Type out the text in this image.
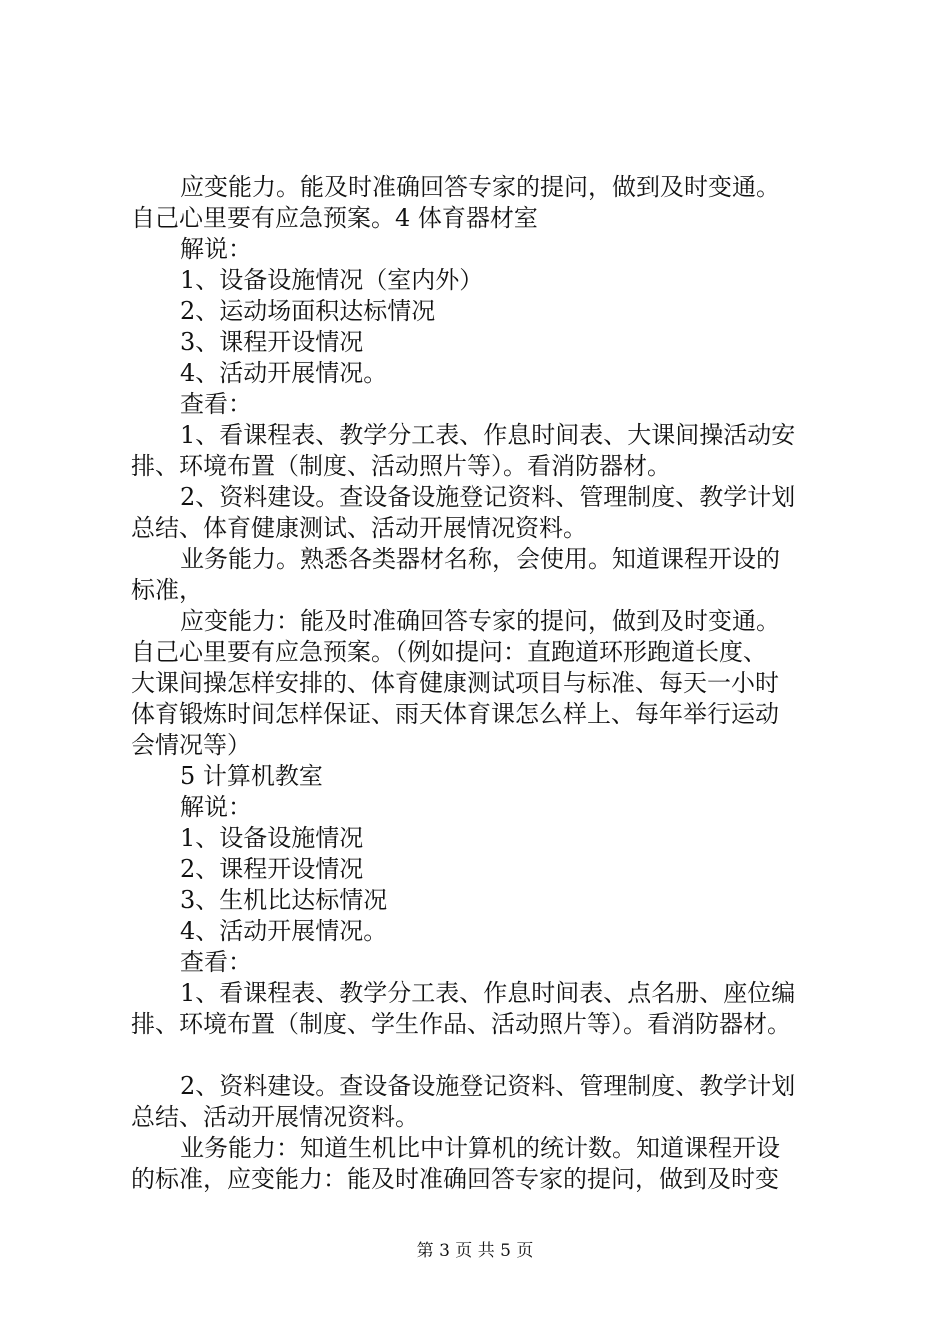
应变能力。能及时准确回答专家的提问，做到及时变通。
自己心里要有应急预案。4 体育器材室
解说：
1、设备设施情况（室内外）
2、运动场面积达标情况
3、课程开设情况
4、活动开展情况。
查看：
1、看课程表、教学分工表、作息时间表、大课间操活动安
排、环境布置（制度、活动照片等）。看消防器材。
2、资料建设。查设备设施登记资料、管理制度、教学计划
总结、体育健康测试、活动开展情况资料。
业务能力。熟悉各类器材名称，会使用。知道课程开设的
标准，
应变能力：能及时准确回答专家的提问，做到及时变通。
自己心里要有应急预案。（例如提问：直跑道环形跑道长度、
大课间操怎样安排的、体育健康测试项目与标准、每天一小时
体育锻炼时间怎样保证、雨天体育课怎么样上、每年举行运动
会情况等）
5 计算机教室
解说：
1、设备设施情况
2、课程开设情况
3、生机比达标情况
4、活动开展情况。
查看：
1、看课程表、教学分工表、作息时间表、点名册、座位编
排、环境布置（制度、学生作品、活动照片等）。看消防器材。
2、资料建设。查设备设施登记资料、管理制度、教学计划
总结、活动开展情况资料。
业务能力：知道生机比中计算机的统计数。知道课程开设
的标准，应变能力：能及时准确回答专家的提问，做到及时变
第 3 页 共 5 页
